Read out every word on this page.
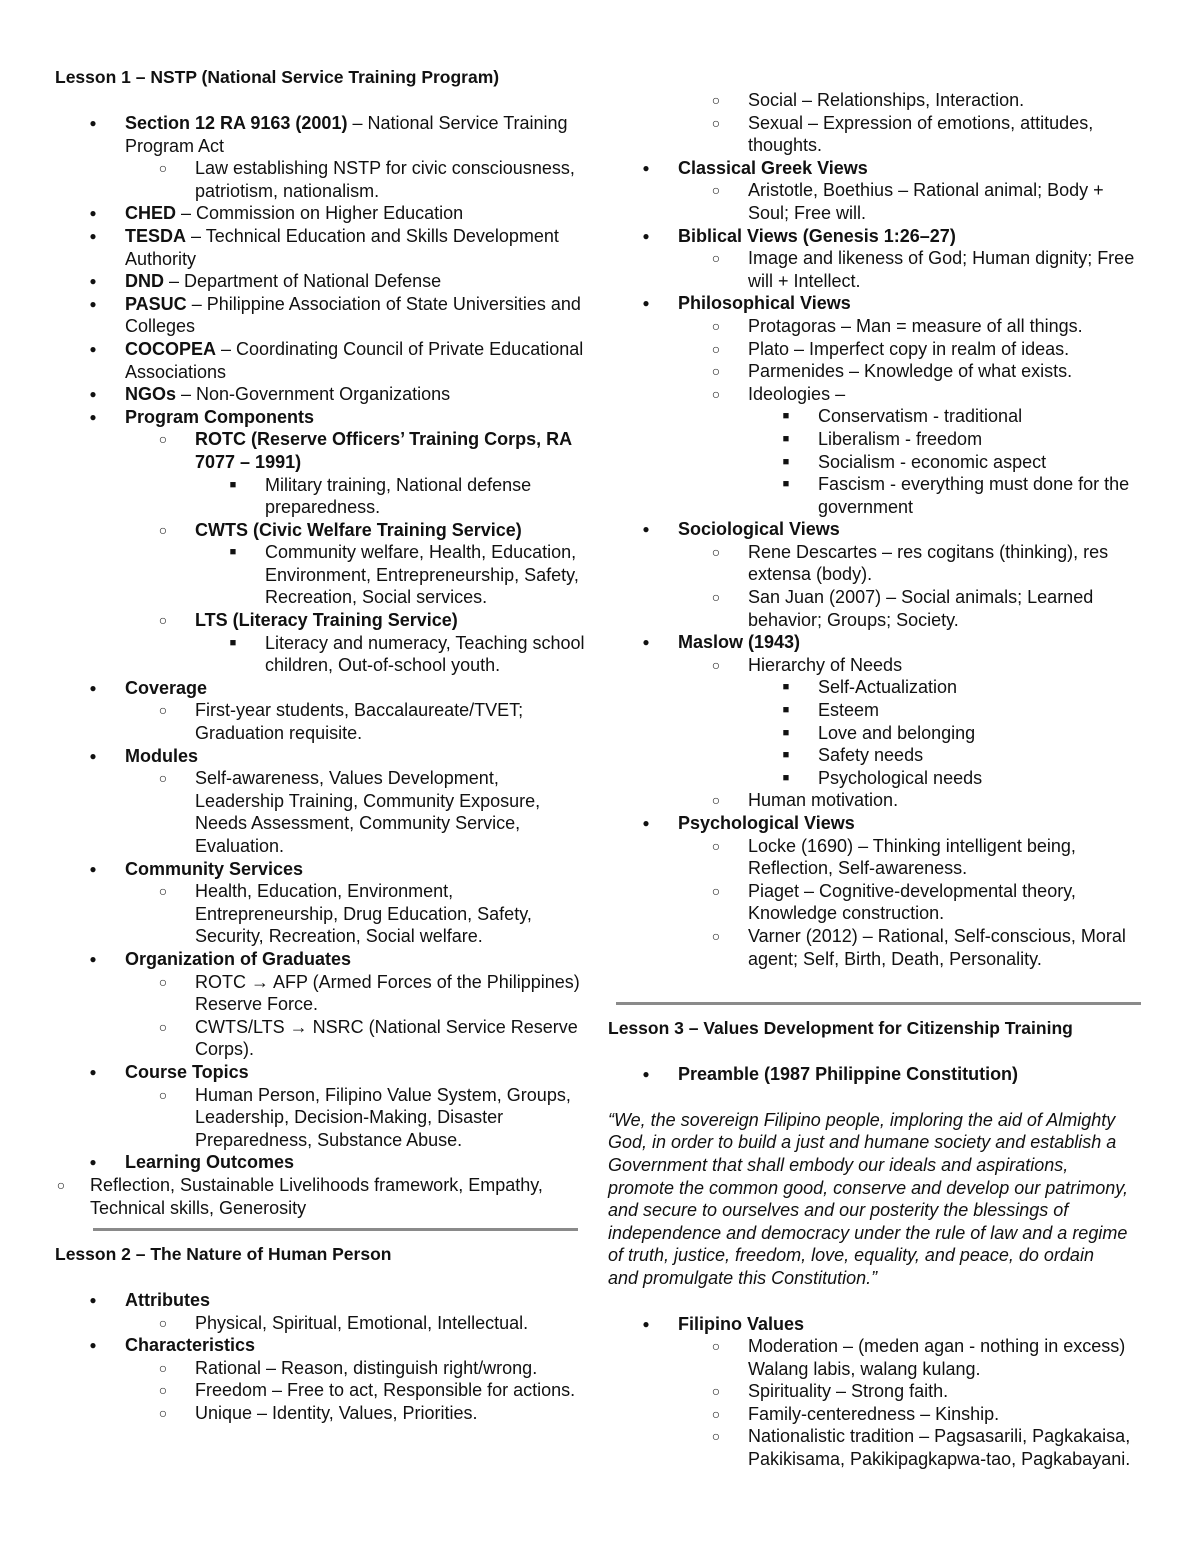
Lesson 1 – NSTP (National Service Training Program)
●
Section 12 RA 9163 (2001) – National Service Training Program Act
○
Law establishing NSTP for civic consciousness, patriotism, nationalism.
●
CHED – Commission on Higher Education
●
TESDA – Technical Education and Skills Development Authority
●
DND – Department of National Defense
●
PASUC – Philippine Association of State Universities and Colleges
●
COCOPEA – Coordinating Council of Private Educational Associations
●
NGOs – Non-Government Organizations
●
Program Components
○
ROTC (Reserve Officers’ Training Corps, RA 7077 – 1991)
■
Military training, National defense preparedness.
○
CWTS (Civic Welfare Training Service)
■
Community welfare, Health, Education, Environment, Entrepreneurship, Safety, Recreation, Social services.
○
LTS (Literacy Training Service)
■
Literacy and numeracy, Teaching school children, Out-of-school youth.
●
Coverage
○
First-year students, Baccalaureate/TVET; Graduation requisite.
●
Modules
○
Self-awareness, Values Development, Leadership Training, Community Exposure, Needs Assessment, Community Service, Evaluation.
●
Community Services
○
Health, Education, Environment, Entrepreneurship, Drug Education, Safety, Security, Recreation, Social welfare.
●
Organization of Graduates
○
ROTC → AFP (Armed Forces of the Philippines) Reserve Force.
○
CWTS/LTS → NSRC (National Service Reserve Corps).
●
Course Topics
○
Human Person, Filipino Value System, Groups, Leadership, Decision-Making, Disaster Preparedness, Substance Abuse.
●
Learning Outcomes
○
Reflection, Sustainable Livelihoods framework, Empathy, Technical skills, Generosity
Lesson 2 – The Nature of Human Person
●
Attributes
○
Physical, Spiritual, Emotional, Intellectual.
●
Characteristics
○
Rational – Reason, distinguish right/wrong.
○
Freedom – Free to act, Responsible for actions.
○
Unique – Identity, Values, Priorities.
○
Social – Relationships, Interaction.
○
Sexual – Expression of emotions, attitudes, thoughts.
●
Classical Greek Views
○
Aristotle, Boethius – Rational animal; Body + Soul; Free will.
●
Biblical Views (Genesis 1:26–27)
○
Image and likeness of God; Human dignity; Free will + Intellect.
●
Philosophical Views
○
Protagoras – Man = measure of all things.
○
Plato – Imperfect copy in realm of ideas.
○
Parmenides – Knowledge of what exists.
○
Ideologies –
■
Conservatism - traditional
■
Liberalism - freedom
■
Socialism - economic aspect
■
Fascism - everything must done for the government
●
Sociological Views
○
Rene Descartes – res cogitans (thinking), res extensa (body).
○
San Juan (2007) – Social animals; Learned behavior; Groups; Society.
●
Maslow (1943)
○
Hierarchy of Needs
■
Self-Actualization
■
Esteem
■
Love and belonging
■
Safety needs
■
Psychological needs
○
Human motivation.
●
Psychological Views
○
Locke (1690) – Thinking intelligent being, Reflection, Self-awareness.
○
Piaget – Cognitive-developmental theory, Knowledge construction.
○
Varner (2012) – Rational, Self-conscious, Moral agent; Self, Birth, Death, Personality.
Lesson 3 – Values Development for Citizenship Training
●
Preamble (1987 Philippine Constitution)

“We, the sovereign Filipino people, imploring the aid of Almighty God, in order to build a just and humane society and establish a Government that shall embody our ideals and aspirations, promote the common good, conserve and develop our patrimony, and secure to ourselves and our posterity the blessings of independence and democracy under the rule of law and a regime of truth, justice, freedom, love, equality, and peace, do ordain and promulgate this Constitution.”

●
Filipino Values
○
Moderation – (meden agan - nothing in excess) Walang labis, walang kulang.
○
Spirituality – Strong faith.
○
Family-centeredness – Kinship.
○
Nationalistic tradition – Pagsasarili, Pagkakaisa, Pakikisama, Pakikipagkapwa-tao, Pagkabayani.
